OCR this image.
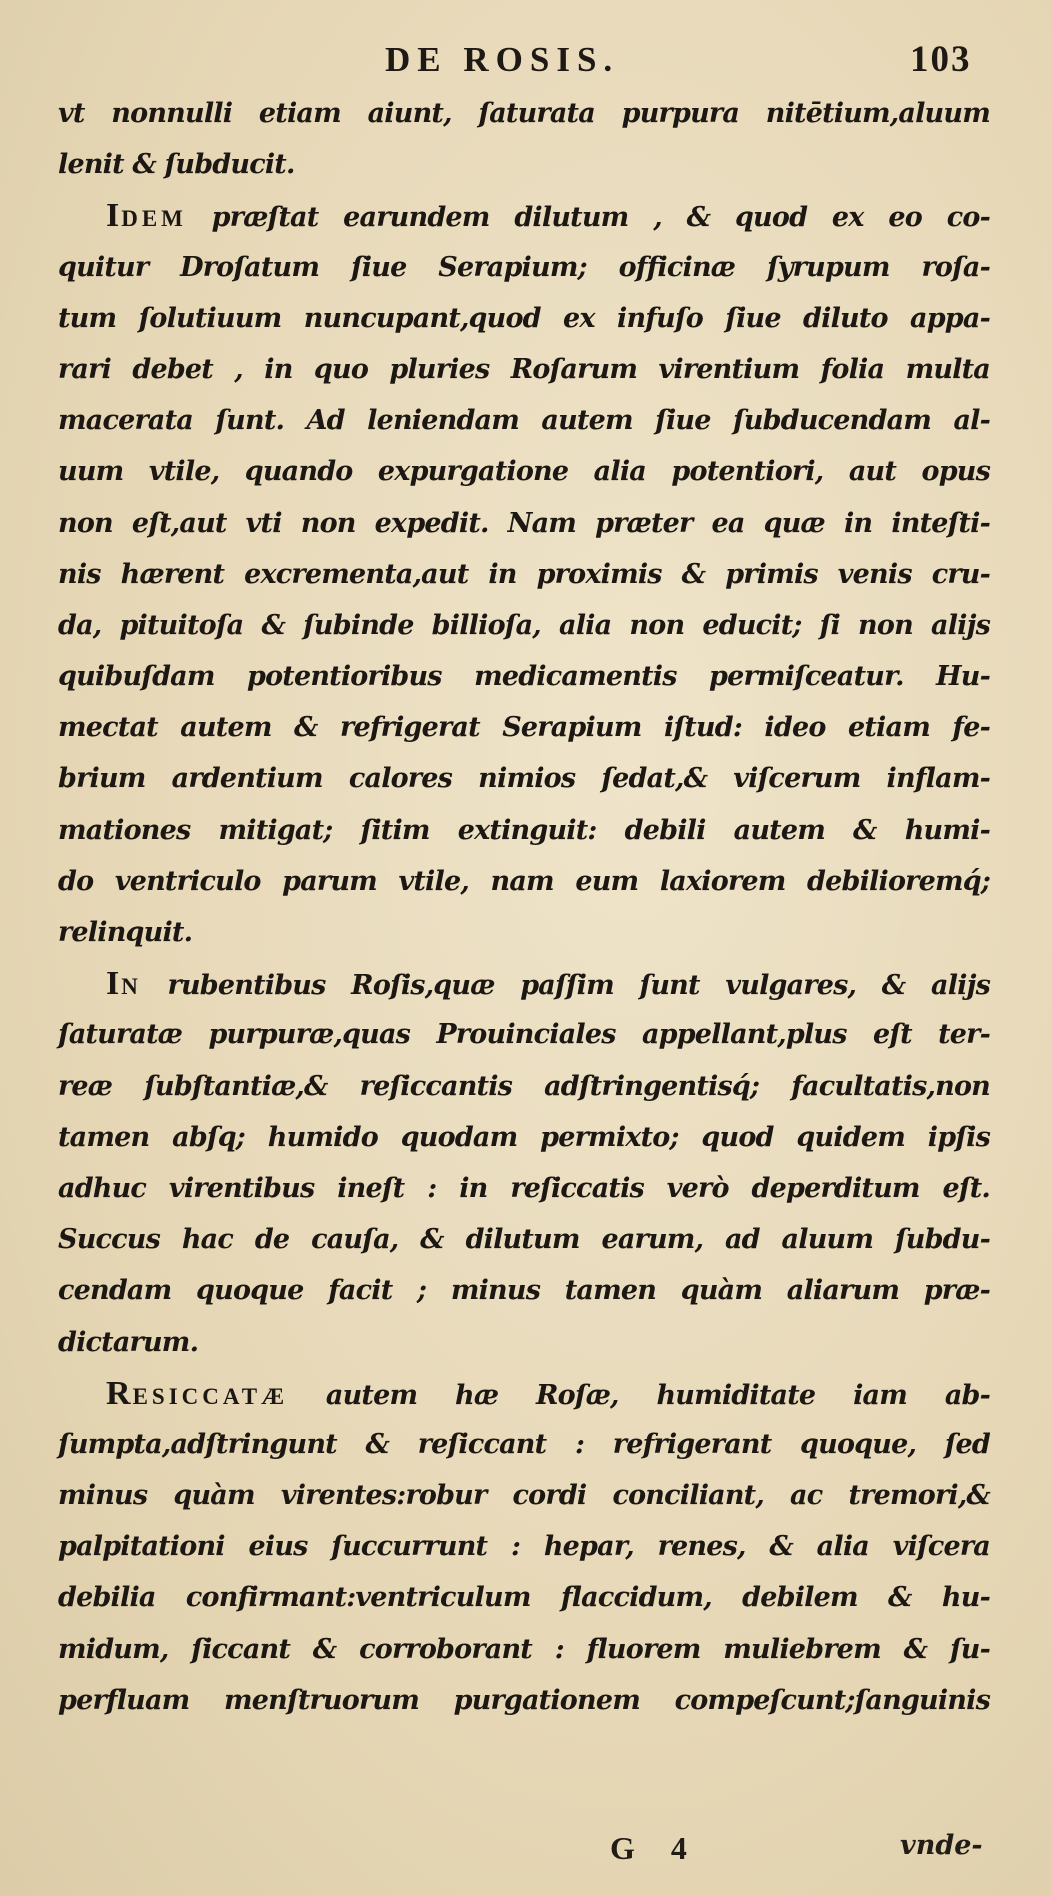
DE ROSIS.	103
vt nonnulli etiam aiunt, ſaturata purpura nitētium,aluum
lenit & ſubducit.
IDEM præſtat earundem dilutum , & quod ex eo co-
quitur Droſatum ſiue Serapium; officinæ ſyrupum roſa-
tum ſolutiuum nuncupant,quod ex infuſo ſiue diluto appa-
rari debet , in quo pluries Roſarum virentium folia multa
macerata ſunt. Ad leniendam autem ſiue ſubducendam al-
uum vtile, quando expurgatione alia potentiori, aut opus
non eſt,aut vti non expedit. Nam præter ea quæ in inteſti-
nis hærent excrementa,aut in proximis & primis venis cru-
da, pituitoſa & ſubinde billioſa, alia non educit; ſi non alijs
quibuſdam potentioribus medicamentis permiſceatur. Hu-
mectat autem & refrigerat Serapium iſtud: ideo etiam fe-
brium ardentium calores nimios ſedat,& viſcerum inflam-
mationes mitigat; ſitim extinguit: debili autem & humi-
do ventriculo parum vtile, nam eum laxiorem debilioremq́;
relinquit.
IN rubentibus Roſis,quæ paſſim ſunt vulgares, & alijs
ſaturatæ purpuræ,quas Prouinciales appellant,plus eſt ter-
reæ ſubſtantiæ,& reſiccantis adſtringentisq́; facultatis,non
tamen abſq; humido quodam permixto; quod quidem ipſis
adhuc virentibus ineſt : in reſiccatis verò deperditum eſt.
Succus hac de cauſa, & dilutum earum, ad aluum ſubdu-
cendam quoque facit ; minus tamen quàm aliarum præ-
dictarum.
RESICCATÆ autem hæ Roſæ, humiditate iam ab-
ſumpta,adſtringunt & reſiccant : refrigerant quoque, ſed
minus quàm virentes:robur cordi conciliant, ac tremori,&
palpitationi eius ſuccurrunt : hepar, renes, & alia viſcera
debilia confirmant:ventriculum flaccidum, debilem & hu-
midum, ſiccant & corroborant : fluorem muliebrem & ſu-
perfluam menſtruorum purgationem compeſcunt;ſanguinis
G 4	vnde-
